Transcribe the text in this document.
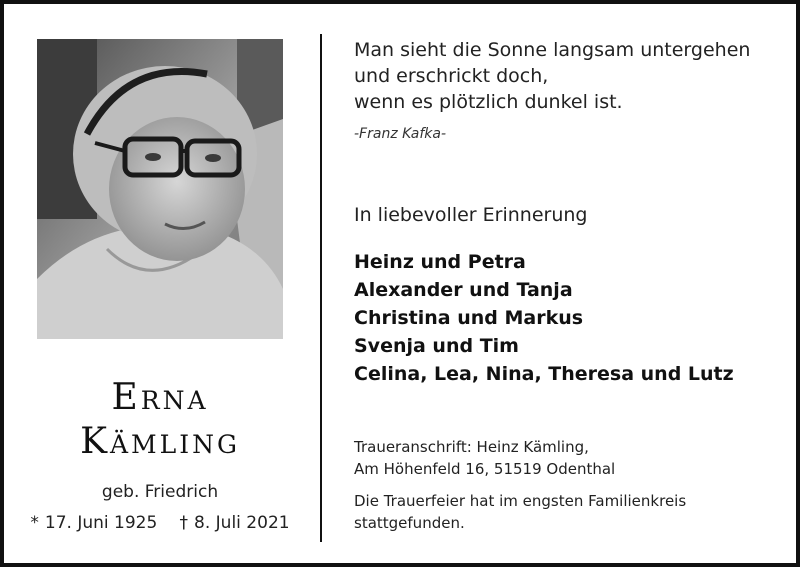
Erna
Kämling
geb. Friedrich
* 17. Juni 1925 † 8. Juli 2021
Man sieht die Sonne langsam untergehen
und erschrickt doch,
wenn es plötzlich dunkel ist.
-Franz Kafka-
In liebevoller Erinnerung
Heinz und Petra
Alexander und Tanja
Christina und Markus
Svenja und Tim
Celina, Lea, Nina, Theresa und Lutz
Traueranschrift: Heinz Kämling,
Am Höhenfeld 16, 51519 Odenthal
Die Trauerfeier hat im engsten Familienkreis stattgefunden.
